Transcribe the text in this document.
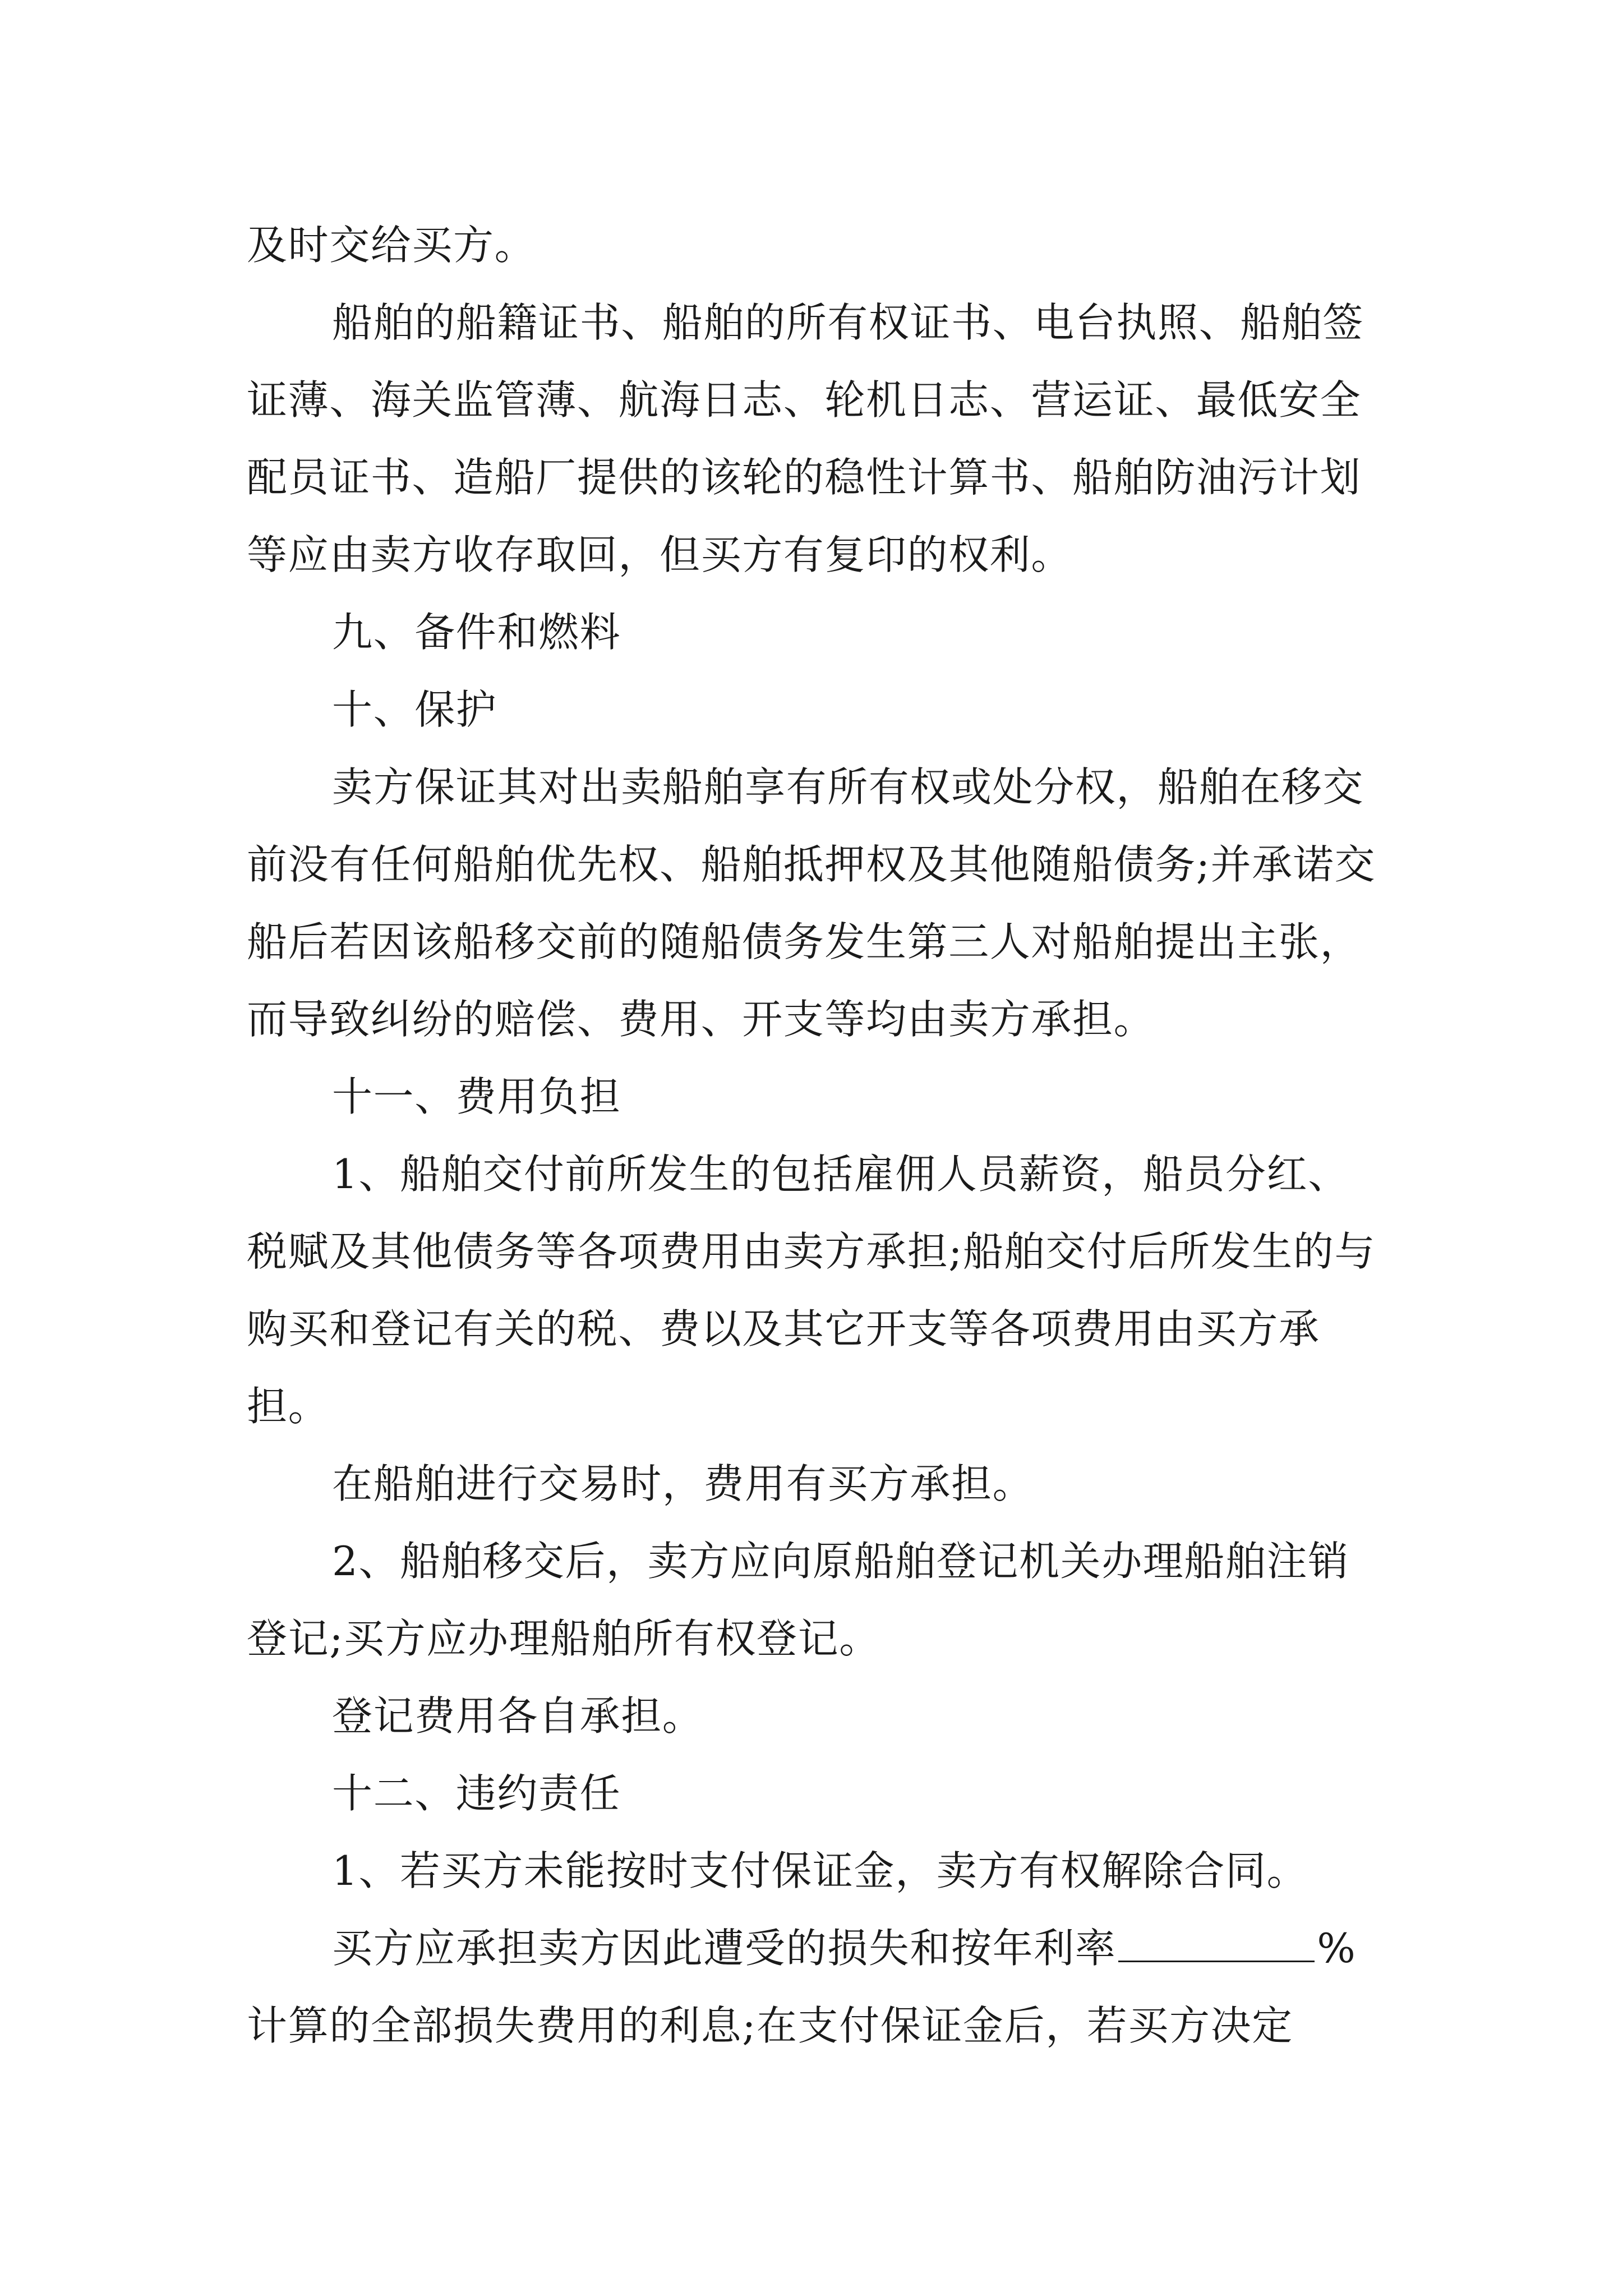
及时交给买方。

船舶的船籍证书、船舶的所有权证书、电台执照、船舶签证薄、海关监管薄、航海日志、轮机日志、营运证、最低安全配员证书、造船厂提供的该轮的稳性计算书、船舶防油污计划等应由卖方收存取回，但买方有复印的权利。

九、备件和燃料

十、保护

卖方保证其对出卖船舶享有所有权或处分权，船舶在移交前没有任何船舶优先权、船舶抵押权及其他随船债务;并承诺交船后若因该船移交前的随船债务发生第三人对船舶提出主张，而导致纠纷的赔偿、费用、开支等均由卖方承担。

十一、费用负担

1、船舶交付前所发生的包括雇佣人员薪资，船员分红、税赋及其他债务等各项费用由卖方承担;船舶交付后所发生的与购买和登记有关的税、费以及其它开支等各项费用由买方承担。

在船舶进行交易时，费用有买方承担。

2、船舶移交后，卖方应向原船舶登记机关办理船舶注销登记;买方应办理船舶所有权登记。

登记费用各自承担。

十二、违约责任

1、若买方未能按时支付保证金，卖方有权解除合同。

买方应承担卖方因此遭受的损失和按年利率	%计算的全部损失费用的利息;在支付保证金后，若买方决定
